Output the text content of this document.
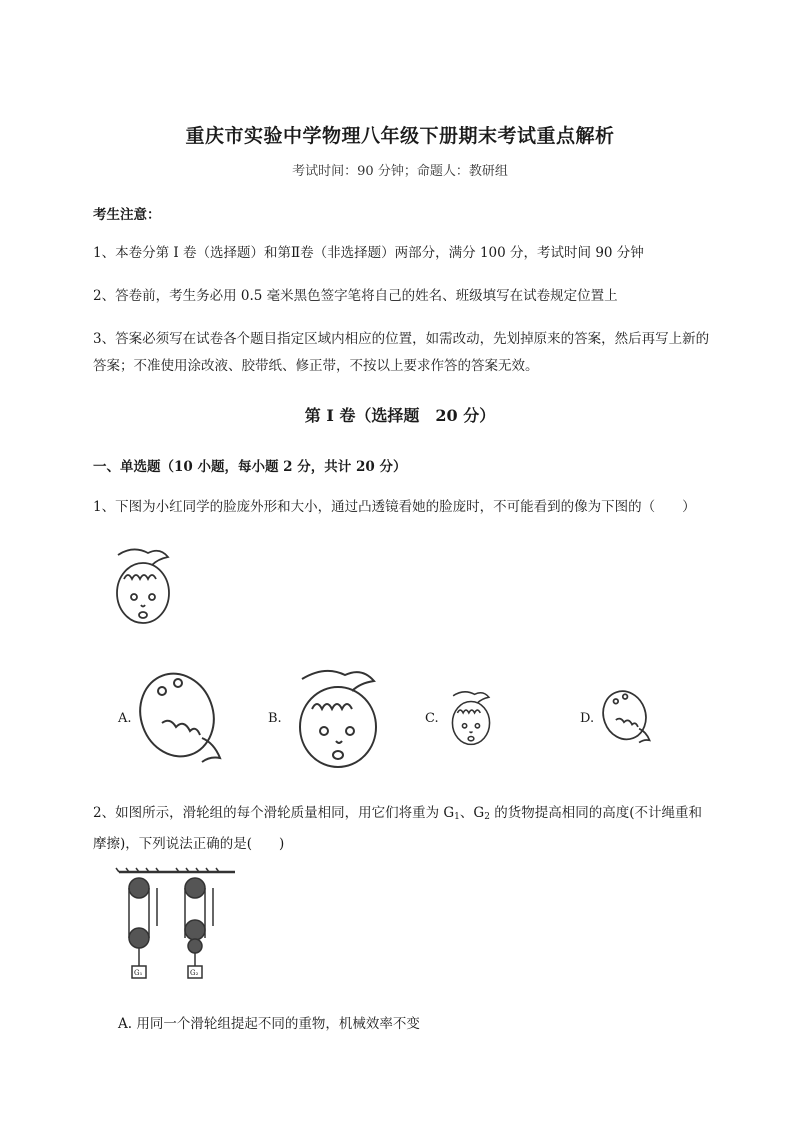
重庆市实验中学物理八年级下册期末考试重点解析
考试时间：90 分钟；命题人：教研组
考生注意：
1、本卷分第 I 卷（选择题）和第Ⅱ卷（非选择题）两部分，满分 100 分，考试时间 90 分钟
2、答卷前，考生务必用 0.5 毫米黑色签字笔将自己的姓名、班级填写在试卷规定位置上
3、答案必须写在试卷各个题目指定区域内相应的位置，如需改动，先划掉原来的答案，然后再写上新的答案；不准使用涂改液、胶带纸、修正带，不按以上要求作答的答案无效。
第 I 卷（选择题　20 分）
一、单选题（10 小题，每小题 2 分，共计 20 分）
1、下图为小红同学的脸庞外形和大小，通过凸透镜看她的脸庞时，不可能看到的像为下图的（　　）
A.	B.	C.	D.
2、如图所示，滑轮组的每个滑轮质量相同，用它们将重为 $G_1$、$G_2$ 的货物提高相同的高度(不计绳重和摩擦)，下列说法正确的是(　　)
G₁	G₂
A. 用同一个滑轮组提起不同的重物，机械效率不变
